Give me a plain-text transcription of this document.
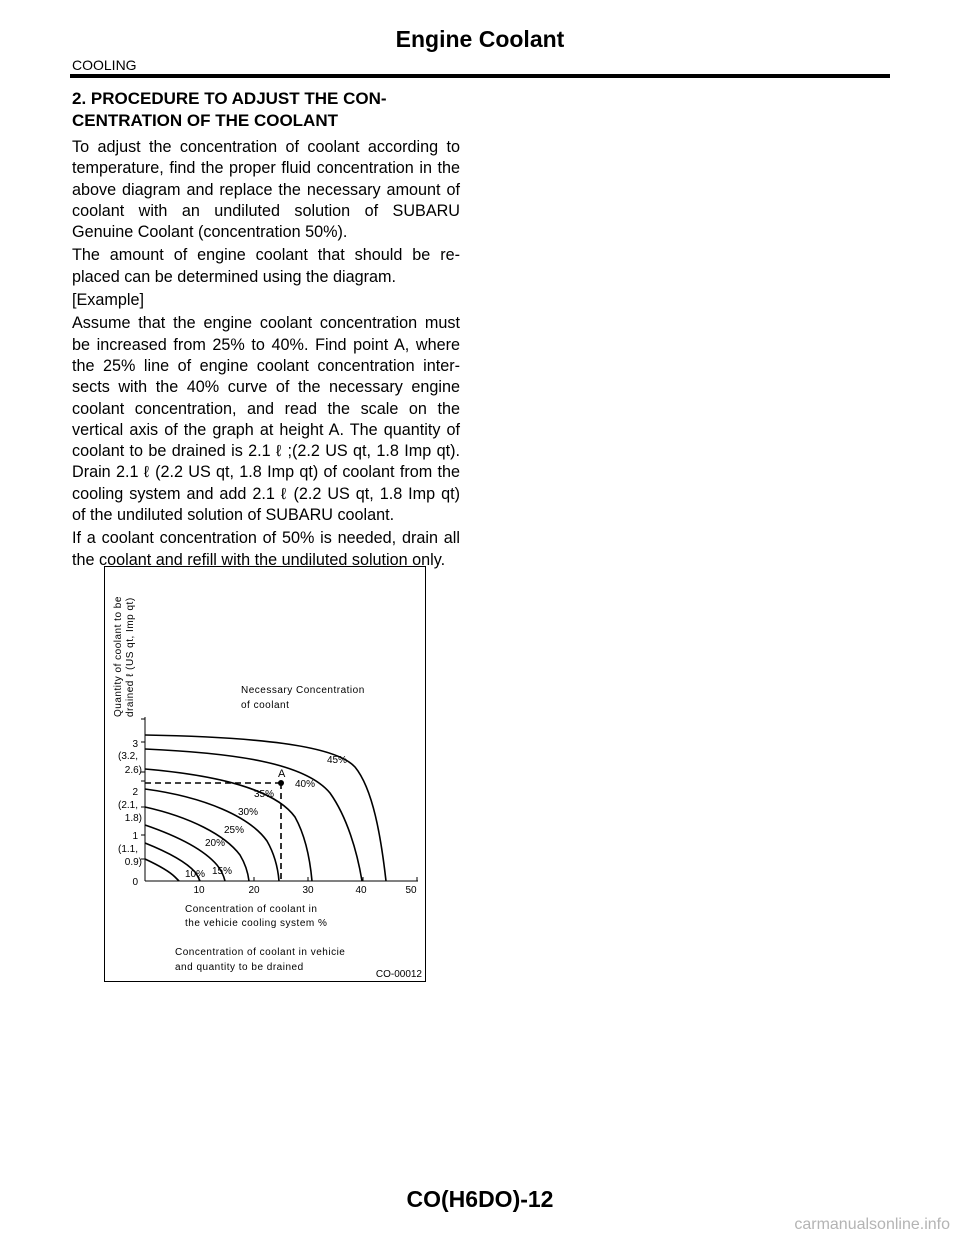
Engine Coolant
COOLING
2. PROCEDURE TO ADJUST THE CON-
CENTRATION OF THE COOLANT

To adjust the concentration of coolant according to temperature, find the proper fluid concentration in the above diagram and replace the necessary amount of coolant with an undiluted solution of SUBARU Genuine Coolant (concentration 50%).

The amount of engine coolant that should be re-placed can be determined using the diagram.

[Example]

Assume that the engine coolant concentration must be increased from 25% to 40%. Find point A, where the 25% line of engine coolant concentration inter-sects with the 40% curve of the necessary engine coolant concentration, and read the scale on the vertical axis of the graph at height A. The quantity of coolant to be drained is 2.1 ℓ ;(2.2 US qt, 1.8 Imp qt). Drain 2.1 ℓ (2.2 US qt, 1.8 Imp qt) of coolant from the cooling system and add 2.1 ℓ (2.2 US qt, 1.8 Imp qt) of the undiluted solution of SUBARU coolant.

If a coolant concentration of 50% is needed, drain all the coolant and refill with the undiluted solution only.

Quantity of coolant to be drained ℓ (US qt, Imp qt)
3
(3.2,
2.6)
2
(2.1,
1.8)
1
(1.1,
0.9)
0
10	20	30	40	50
45%
40%
35%
30%
25%
20%
15%
10%
A
Necessary Concentration
of coolant
Concentration of coolant in
the vehicie cooling system %
Concentration of coolant in vehicie
and quantity to be drained
CO-00012
CO(H6DO)-12
carmanualsonline.info
